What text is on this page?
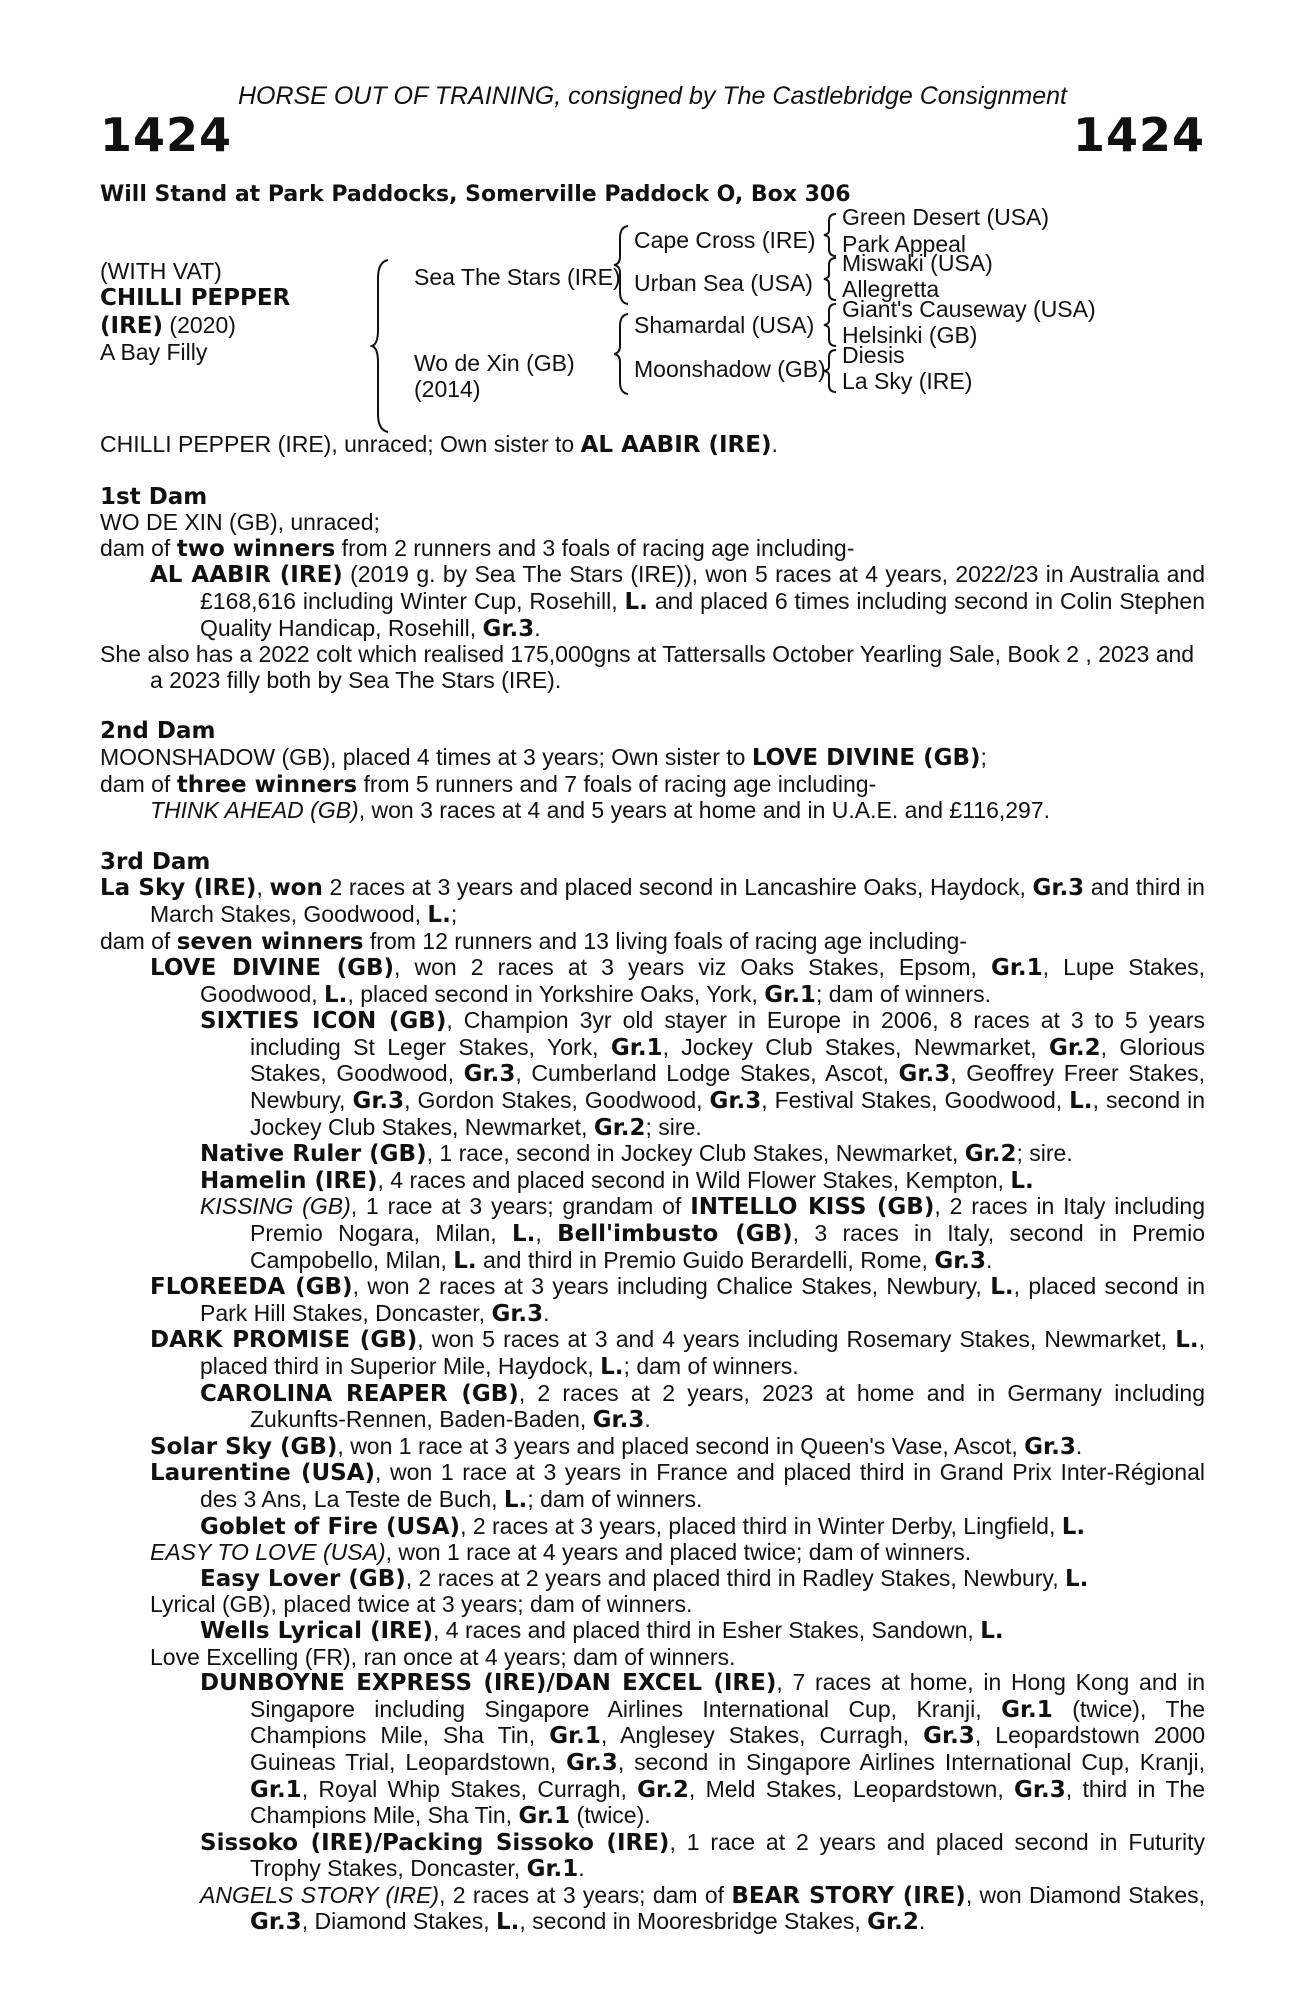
HORSE OUT OF TRAINING, consigned by The Castlebridge Consignment
1424	1424
Will Stand at Park Paddocks, Somerville Paddock O, Box 306
(WITH VAT)
CHILLI PEPPER
(IRE) (2020)
A Bay Filly
Sea The Stars (IRE)
Wo de Xin (GB)
(2014)
Cape Cross (IRE)
Urban Sea (USA)
Shamardal (USA)
Moonshadow (GB)
Green Desert (USA)
Park Appeal
Miswaki (USA)
Allegretta
Giant's Causeway (USA)
Helsinki (GB)
Diesis
La Sky (IRE)

CHILLI PEPPER (IRE), unraced; Own sister to AL AABIR (IRE).

1st Dam

WO DE XIN (GB), unraced;

dam of two winners from 2 runners and 3 foals of racing age including-

AL AABIR (IRE) (2019 g. by Sea The Stars (IRE)), won 5 races at 4 years, 2022/23 in Australia and £168,616 including Winter Cup, Rosehill, L. and placed 6 times including second in Colin Stephen Quality Handicap, Rosehill, Gr.3.

She also has a 2022 colt which realised 175,000gns at Tattersalls October Yearling Sale, Book 2 , 2023 and a 2023 filly both by Sea The Stars (IRE).

2nd Dam

MOONSHADOW (GB), placed 4 times at 3 years; Own sister to LOVE DIVINE (GB);

dam of three winners from 5 runners and 7 foals of racing age including-

THINK AHEAD (GB), won 3 races at 4 and 5 years at home and in U.A.E. and £116,297.

3rd Dam

La Sky (IRE), won 2 races at 3 years and placed second in Lancashire Oaks, Haydock, Gr.3 and third in March Stakes, Goodwood, L.;

dam of seven winners from 12 runners and 13 living foals of racing age including-

LOVE DIVINE (GB), won 2 races at 3 years viz Oaks Stakes, Epsom, Gr.1, Lupe Stakes, Goodwood, L., placed second in Yorkshire Oaks, York, Gr.1; dam of winners.

SIXTIES ICON (GB), Champion 3yr old stayer in Europe in 2006, 8 races at 3 to 5 years including St Leger Stakes, York, Gr.1, Jockey Club Stakes, Newmarket, Gr.2, Glorious Stakes, Goodwood, Gr.3, Cumberland Lodge Stakes, Ascot, Gr.3, Geoffrey Freer Stakes, Newbury, Gr.3, Gordon Stakes, Goodwood, Gr.3, Festival Stakes, Goodwood, L., second in Jockey Club Stakes, Newmarket, Gr.2; sire.

Native Ruler (GB), 1 race, second in Jockey Club Stakes, Newmarket, Gr.2; sire.

Hamelin (IRE), 4 races and placed second in Wild Flower Stakes, Kempton, L.

KISSING (GB), 1 race at 3 years; grandam of INTELLO KISS (GB), 2 races in Italy including Premio Nogara, Milan, L., Bell'imbusto (GB), 3 races in Italy, second in Premio Campobello, Milan, L. and third in Premio Guido Berardelli, Rome, Gr.3.

FLOREEDA (GB), won 2 races at 3 years including Chalice Stakes, Newbury, L., placed second in Park Hill Stakes, Doncaster, Gr.3.

DARK PROMISE (GB), won 5 races at 3 and 4 years including Rosemary Stakes, Newmarket, L., placed third in Superior Mile, Haydock, L.; dam of winners.

CAROLINA REAPER (GB), 2 races at 2 years, 2023 at home and in Germany including Zukunfts-Rennen, Baden-Baden, Gr.3.

Solar Sky (GB), won 1 race at 3 years and placed second in Queen's Vase, Ascot, Gr.3.

Laurentine (USA), won 1 race at 3 years in France and placed third in Grand Prix Inter-Régional des 3 Ans, La Teste de Buch, L.; dam of winners.

Goblet of Fire (USA), 2 races at 3 years, placed third in Winter Derby, Lingfield, L.

EASY TO LOVE (USA), won 1 race at 4 years and placed twice; dam of winners.

Easy Lover (GB), 2 races at 2 years and placed third in Radley Stakes, Newbury, L.

Lyrical (GB), placed twice at 3 years; dam of winners.

Wells Lyrical (IRE), 4 races and placed third in Esher Stakes, Sandown, L.

Love Excelling (FR), ran once at 4 years; dam of winners.

DUNBOYNE EXPRESS (IRE)/DAN EXCEL (IRE), 7 races at home, in Hong Kong and in Singapore including Singapore Airlines International Cup, Kranji, Gr.1 (twice), The Champions Mile, Sha Tin, Gr.1, Anglesey Stakes, Curragh, Gr.3, Leopardstown 2000 Guineas Trial, Leopardstown, Gr.3, second in Singapore Airlines International Cup, Kranji, Gr.1, Royal Whip Stakes, Curragh, Gr.2, Meld Stakes, Leopardstown, Gr.3, third in The Champions Mile, Sha Tin, Gr.1 (twice).

Sissoko (IRE)/Packing Sissoko (IRE), 1 race at 2 years and placed second in Futurity Trophy Stakes, Doncaster, Gr.1.

ANGELS STORY (IRE), 2 races at 3 years; dam of BEAR STORY (IRE), won Diamond Stakes, Gr.3, Diamond Stakes, L., second in Mooresbridge Stakes, Gr.2.
